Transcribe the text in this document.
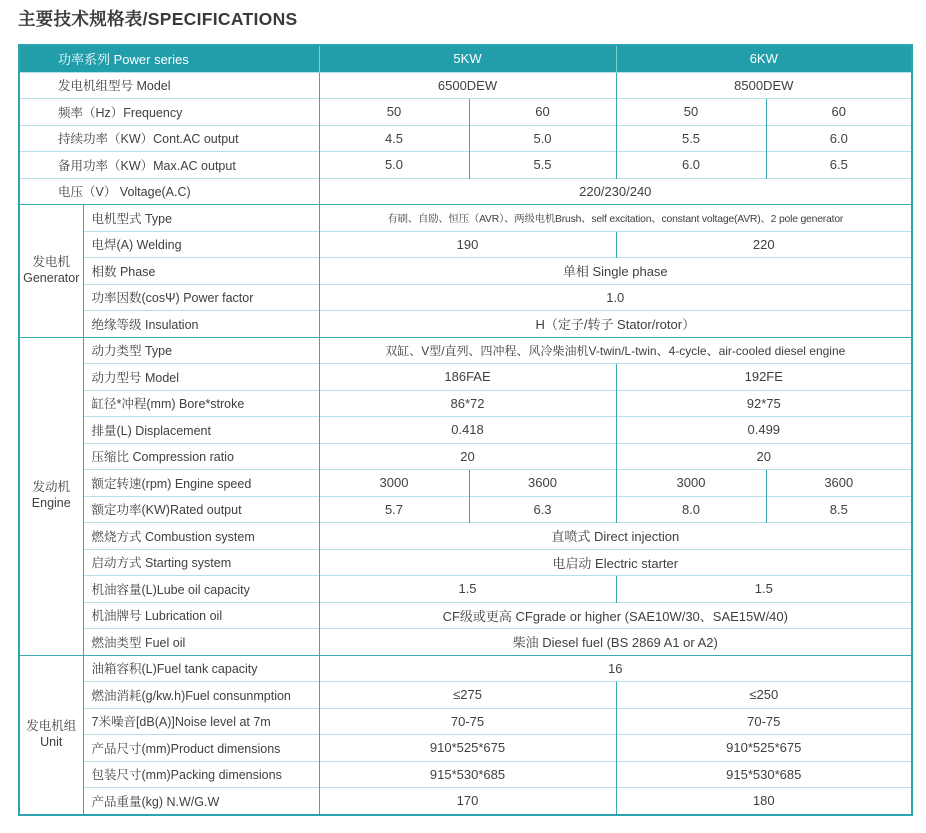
主要技术规格表/SPECIFICATIONS
功率系列 Power series		5KW		6KW	
发电机组型号 Model		6500DEW		8500DEW	
频率（Hz）Frequency		50	60	50	60
持续功率（KW）Cont.AC output		4.5	5.0	5.5	6.0
备用功率（KW）Max.AC output		5.0	5.5	6.0	6.5
电压（V） Voltage(A.C)		220/230/240			
发电机
Generator	电机型式 Type	有刷、自励、恒压（AVR）、两级电机Brush、self excitation、constant voltage(AVR)、2 pole generator			
	电焊(A) Welding	190		220	
	相数 Phase	单相 Single phase			
	功率因数(cosΨ) Power factor	1.0			
	绝缘等级 Insulation	H（定子/转子 Stator/rotor）			
发动机
Engine	动力类型 Type	双缸、V型/直列、四冲程、风冷柴油机V-twin/L-twin、4-cycle、air-cooled diesel engine			
	动力型号 Model	186FAE		192FE	
	缸径*冲程(mm) Bore*stroke	86*72		92*75	
	排量(L) Displacement	0.418		0.499	
	压缩比 Compression ratio	20		20	
	额定转速(rpm) Engine speed	3000	3600	3000	3600
	额定功率(KW)Rated output	5.7	6.3	8.0	8.5
	燃烧方式 Combustion system	直喷式 Direct injection			
	启动方式 Starting system	电启动 Electric starter			
	机油容量(L)Lube oil capacity	1.5		1.5	
	机油牌号 Lubrication oil	CF级或更高 CFgrade or higher (SAE10W/30、SAE15W/40)			
	燃油类型 Fuel oil	柴油 Diesel fuel (BS 2869 A1 or A2)			
发电机组
Unit	油箱容积(L)Fuel tank capacity	16			
	燃油消耗(g/kw.h)Fuel consunmption	≤275		≤250	
	7米噪音[dB(A)]Noise level at 7m	70-75		70-75	
	产品尺寸(mm)Product dimensions	910*525*675		910*525*675	
	包装尺寸(mm)Packing dimensions	915*530*685		915*530*685	
	产品重量(kg) N.W/G.W	170		180	
